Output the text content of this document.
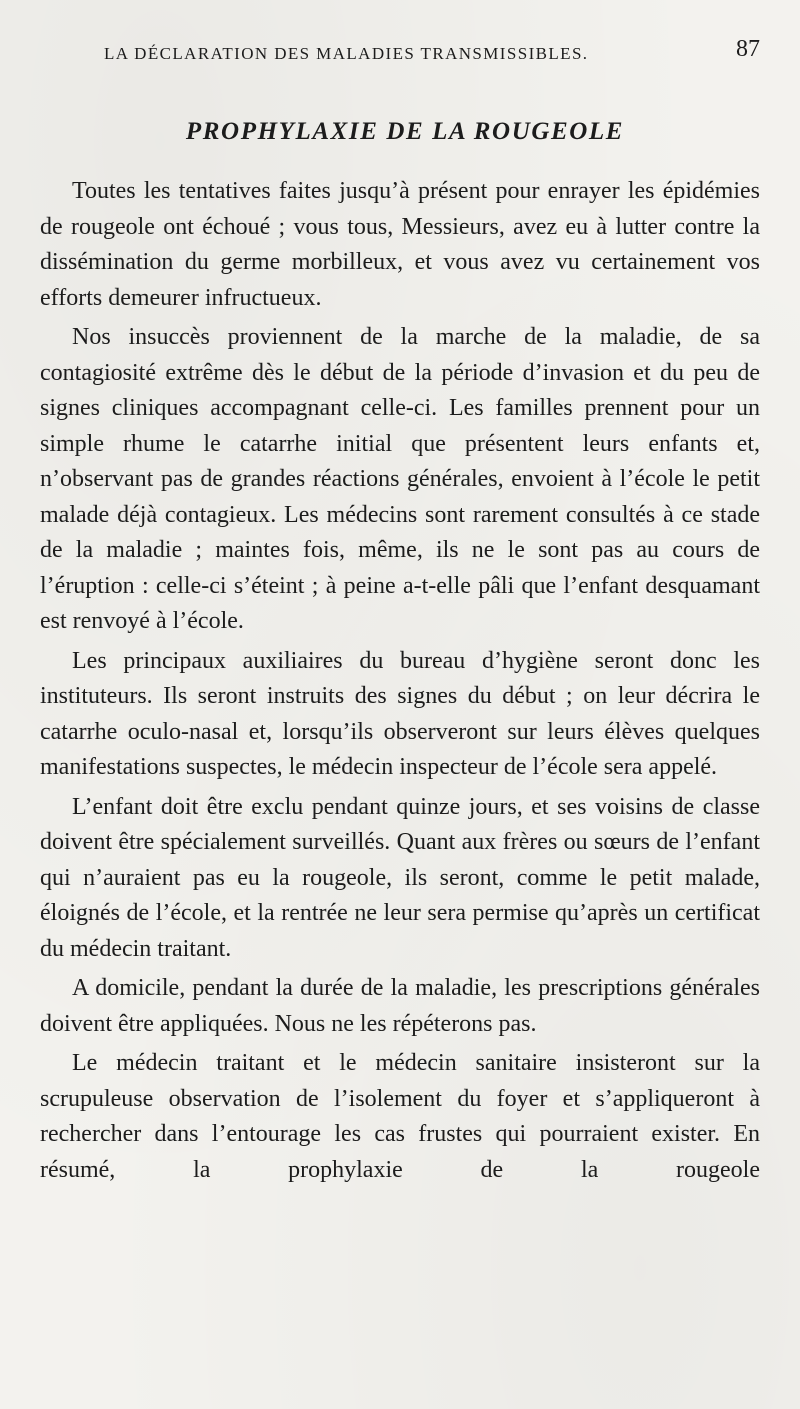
LA DÉCLARATION DES MALADIES TRANSMISSIBLES.	87
PROPHYLAXIE DE LA ROUGEOLE

Toutes les tentatives faites jusqu’à présent pour enrayer les épidémies de rougeole ont échoué ; vous tous, Messieurs, avez eu à lutter contre la dissémination du germe morbilleux, et vous avez vu certainement vos efforts demeurer infructueux.

Nos insuccès proviennent de la marche de la maladie, de sa contagiosité extrême dès le début de la période d’invasion et du peu de signes cliniques accompagnant celle-ci. Les familles prennent pour un simple rhume le catarrhe initial que présentent leurs enfants et, n’observant pas de grandes réactions générales, envoient à l’école le petit malade déjà contagieux. Les médecins sont rarement consultés à ce stade de la maladie ; maintes fois, même, ils ne le sont pas au cours de l’éruption : celle-ci s’éteint ; à peine a-t-elle pâli que l’enfant desquamant est renvoyé à l’école.

Les principaux auxiliaires du bureau d’hygiène seront donc les instituteurs. Ils seront instruits des signes du début ; on leur décrira le catarrhe oculo-nasal et, lorsqu’ils observeront sur leurs élèves quelques manifestations suspectes, le médecin inspecteur de l’école sera appelé.

L’enfant doit être exclu pendant quinze jours, et ses voisins de classe doivent être spécialement surveillés. Quant aux frères ou sœurs de l’enfant qui n’auraient pas eu la rougeole, ils seront, comme le petit malade, éloignés de l’école, et la rentrée ne leur sera permise qu’après un certificat du médecin traitant.

A domicile, pendant la durée de la maladie, les prescriptions générales doivent être appliquées. Nous ne les répéterons pas.

Le médecin traitant et le médecin sanitaire insisteront sur la scrupuleuse observation de l’isolement du foyer et s’appliqueront à rechercher dans l’entourage les cas frustes qui pourraient exister. En résumé, la prophylaxie de la rougeole
